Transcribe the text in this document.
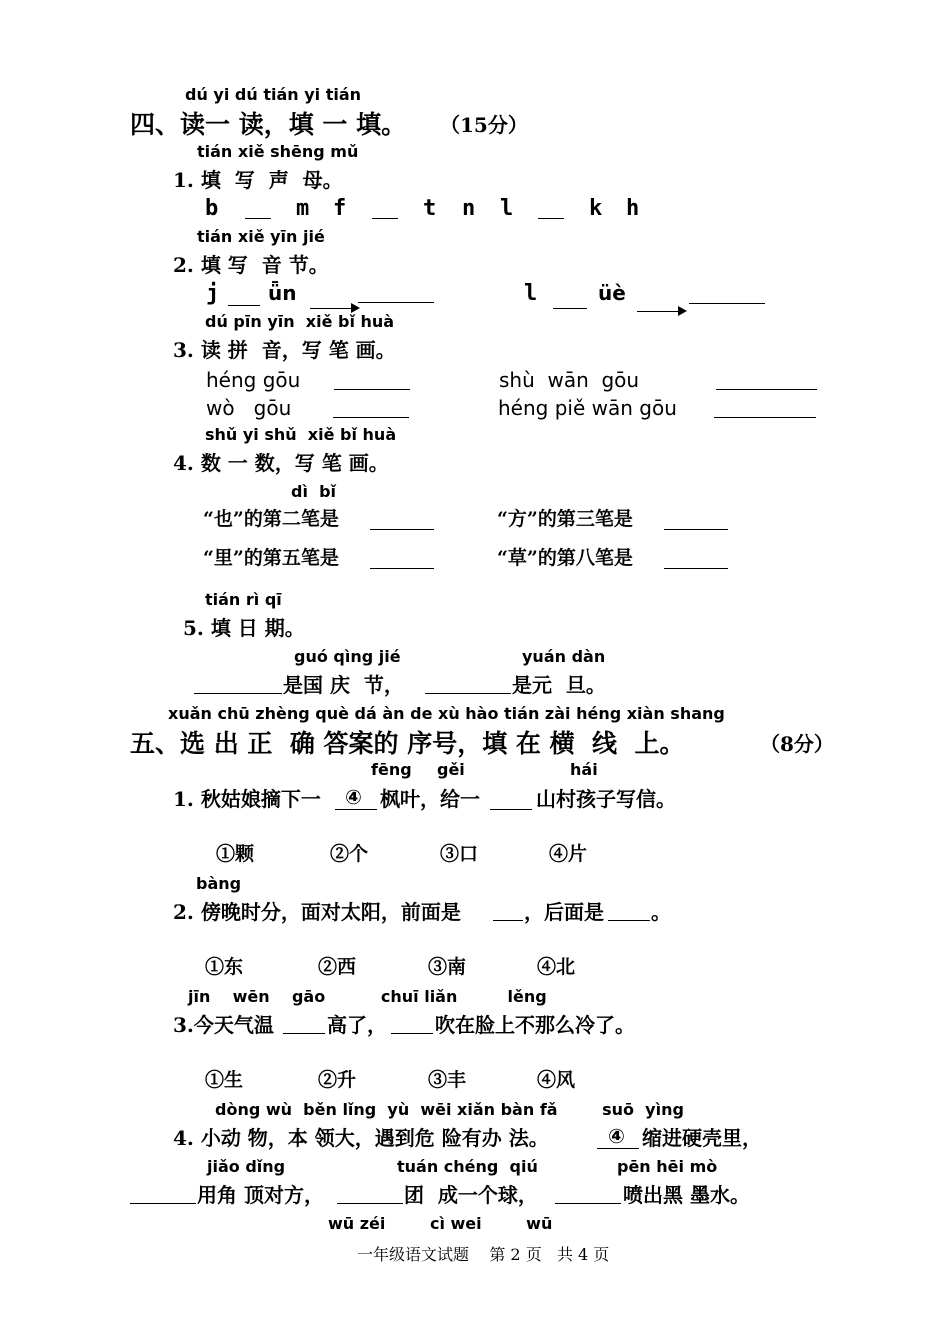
dú yi dú tián yi tián
四、读一 读，填 一 填。 （15分）
tián xiě shēng mǔ
1. 填  写  声  母。
b	m f	t n l	k h
tián xiě yīn jié
2. 填 写  音 节。
j ǖn	l	üè
dú pīn yīn  xiě bǐ huà
3. 读 拼  音，写 笔 画。
héng gōu	shù  wān  gōu
wò   gōu	héng piě wān gōu
shǔ yi shǔ  xiě bǐ huà
4. 数 一 数，写 笔 画。
dì  bǐ
“也”的第二笔是	“方”的第三笔是
“里”的第五笔是	“草”的第八笔是
tián rì qī
5. 填 日 期。
guó qìng jié	yuán dàn
是国 庆  节，	是元  旦。
xuǎn chū zhèng què dá àn de xù hào tián zài héng xiàn shang
五、选 出 正  确 答案的 序号，填 在 横  线  上。	（8分）
fēng gěi	hái
1. 秋姑娘摘下一 ④ 枫叶，给一	山村孩子写信。
①颗	②个	③口	④片
bàng
2. 傍晚时分，面对太阳，前面是	，后面是 。
①东	②西	③南	④北
jīn    wēn    gāo          chuī liǎn         lěng
3.今天气温	高了， 吹在脸上不那么冷了。
①生	②升	③丰	④风
dòng wù  běn lǐng  yù  wēi xiǎn bàn fǎ        suō  yìng
4. 小动 物，本 领大，遇到危 险有办 法。	④ 缩进硬壳里，
jiǎo dǐng	tuán chéng  qiú	pēn hēi mò
用角 顶对方，	团  成一个球，	喷出黑 墨水。
wū zéi        cì wei        wū
一年级语文试题    第 2 页   共 4 页
